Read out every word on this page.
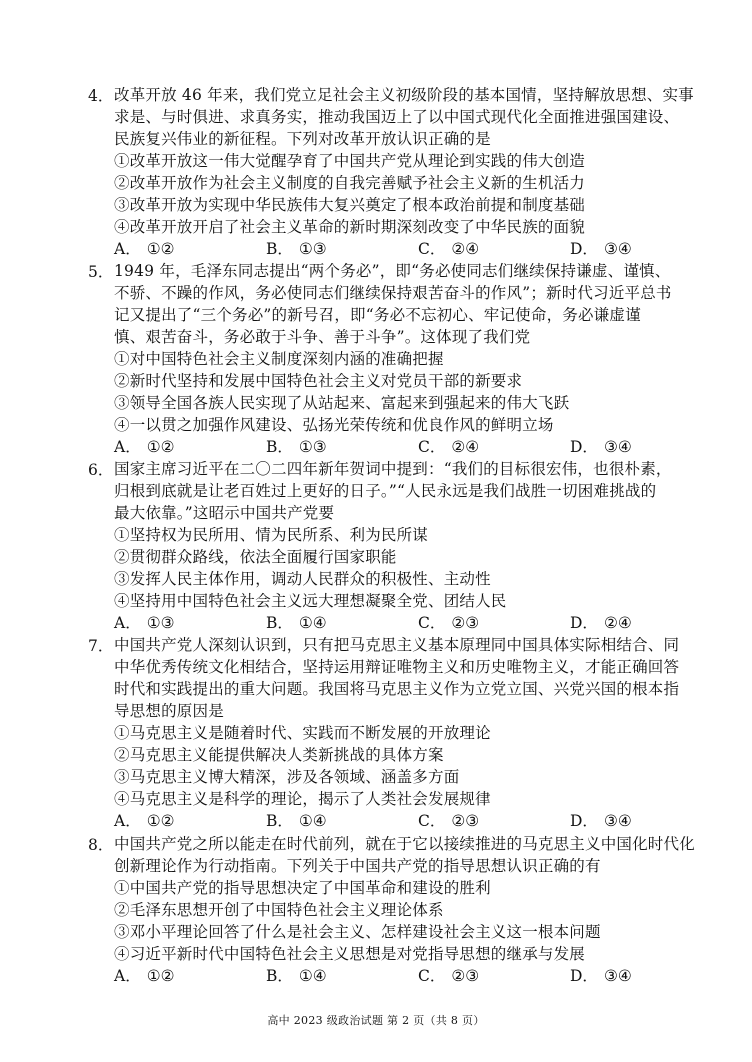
4． 改革开放 46 年来，我们党立足社会主义初级阶段的基本国情，坚持解放思想、实事
求是、与时俱进、求真务实，推动我国迈上了以中国式现代化全面推进强国建设、
民族复兴伟业的新征程。下列对改革开放认识正确的是
①改革开放这一伟大觉醒孕育了中国共产党从理论到实践的伟大创造
②改革开放作为社会主义制度的自我完善赋予社会主义新的生机活力
③改革开放为实现中华民族伟大复兴奠定了根本政治前提和制度基础
④改革开放开启了社会主义革命的新时期深刻改变了中华民族的面貌
A． ①②	B． ①③	C． ②④	D． ③④
5． 1949 年，毛泽东同志提出“两个务必”，即“务必使同志们继续保持谦虚、谨慎、
不骄、不躁的作风，务必使同志们继续保持艰苦奋斗的作风”；新时代习近平总书
记又提出了“三个务必”的新号召，即“务必不忘初心、牢记使命，务必谦虚谨
慎、艰苦奋斗，务必敢于斗争、善于斗争”。这体现了我们党
①对中国特色社会主义制度深刻内涵的准确把握
②新时代坚持和发展中国特色社会主义对党员干部的新要求
③领导全国各族人民实现了从站起来、富起来到强起来的伟大飞跃
④一以贯之加强作风建设、弘扬光荣传统和优良作风的鲜明立场
A． ①②	B． ①③	C． ②④	D． ③④
6． 国家主席习近平在二〇二四年新年贺词中提到：“我们的目标很宏伟，也很朴素，
归根到底就是让老百姓过上更好的日子。”“人民永远是我们战胜一切困难挑战的
最大依靠。”这昭示中国共产党要
①坚持权为民所用、情为民所系、利为民所谋
②贯彻群众路线，依法全面履行国家职能
③发挥人民主体作用，调动人民群众的积极性、主动性
④坚持用中国特色社会主义远大理想凝聚全党、团结人民
A． ①③	B． ①④	C． ②③	D． ②④
7． 中国共产党人深刻认识到，只有把马克思主义基本原理同中国具体实际相结合、同
中华优秀传统文化相结合，坚持运用辩证唯物主义和历史唯物主义，才能正确回答
时代和实践提出的重大问题。我国将马克思主义作为立党立国、兴党兴国的根本指
导思想的原因是
①马克思主义是随着时代、实践而不断发展的开放理论
②马克思主义能提供解决人类新挑战的具体方案
③马克思主义博大精深，涉及各领域、涵盖多方面
④马克思主义是科学的理论，揭示了人类社会发展规律
A． ①②	B． ①④	C． ②③	D． ③④
8． 中国共产党之所以能走在时代前列，就在于它以接续推进的马克思主义中国化时代化
创新理论作为行动指南。下列关于中国共产党的指导思想认识正确的有
①中国共产党的指导思想决定了中国革命和建设的胜利
②毛泽东思想开创了中国特色社会主义理论体系
③邓小平理论回答了什么是社会主义、怎样建设社会主义这一根本问题
④习近平新时代中国特色社会主义思想是对党指导思想的继承与发展
A． ①②	B． ①④	C． ②③	D． ③④
高中 2023 级政治试题 第 2 页（共 8 页）
